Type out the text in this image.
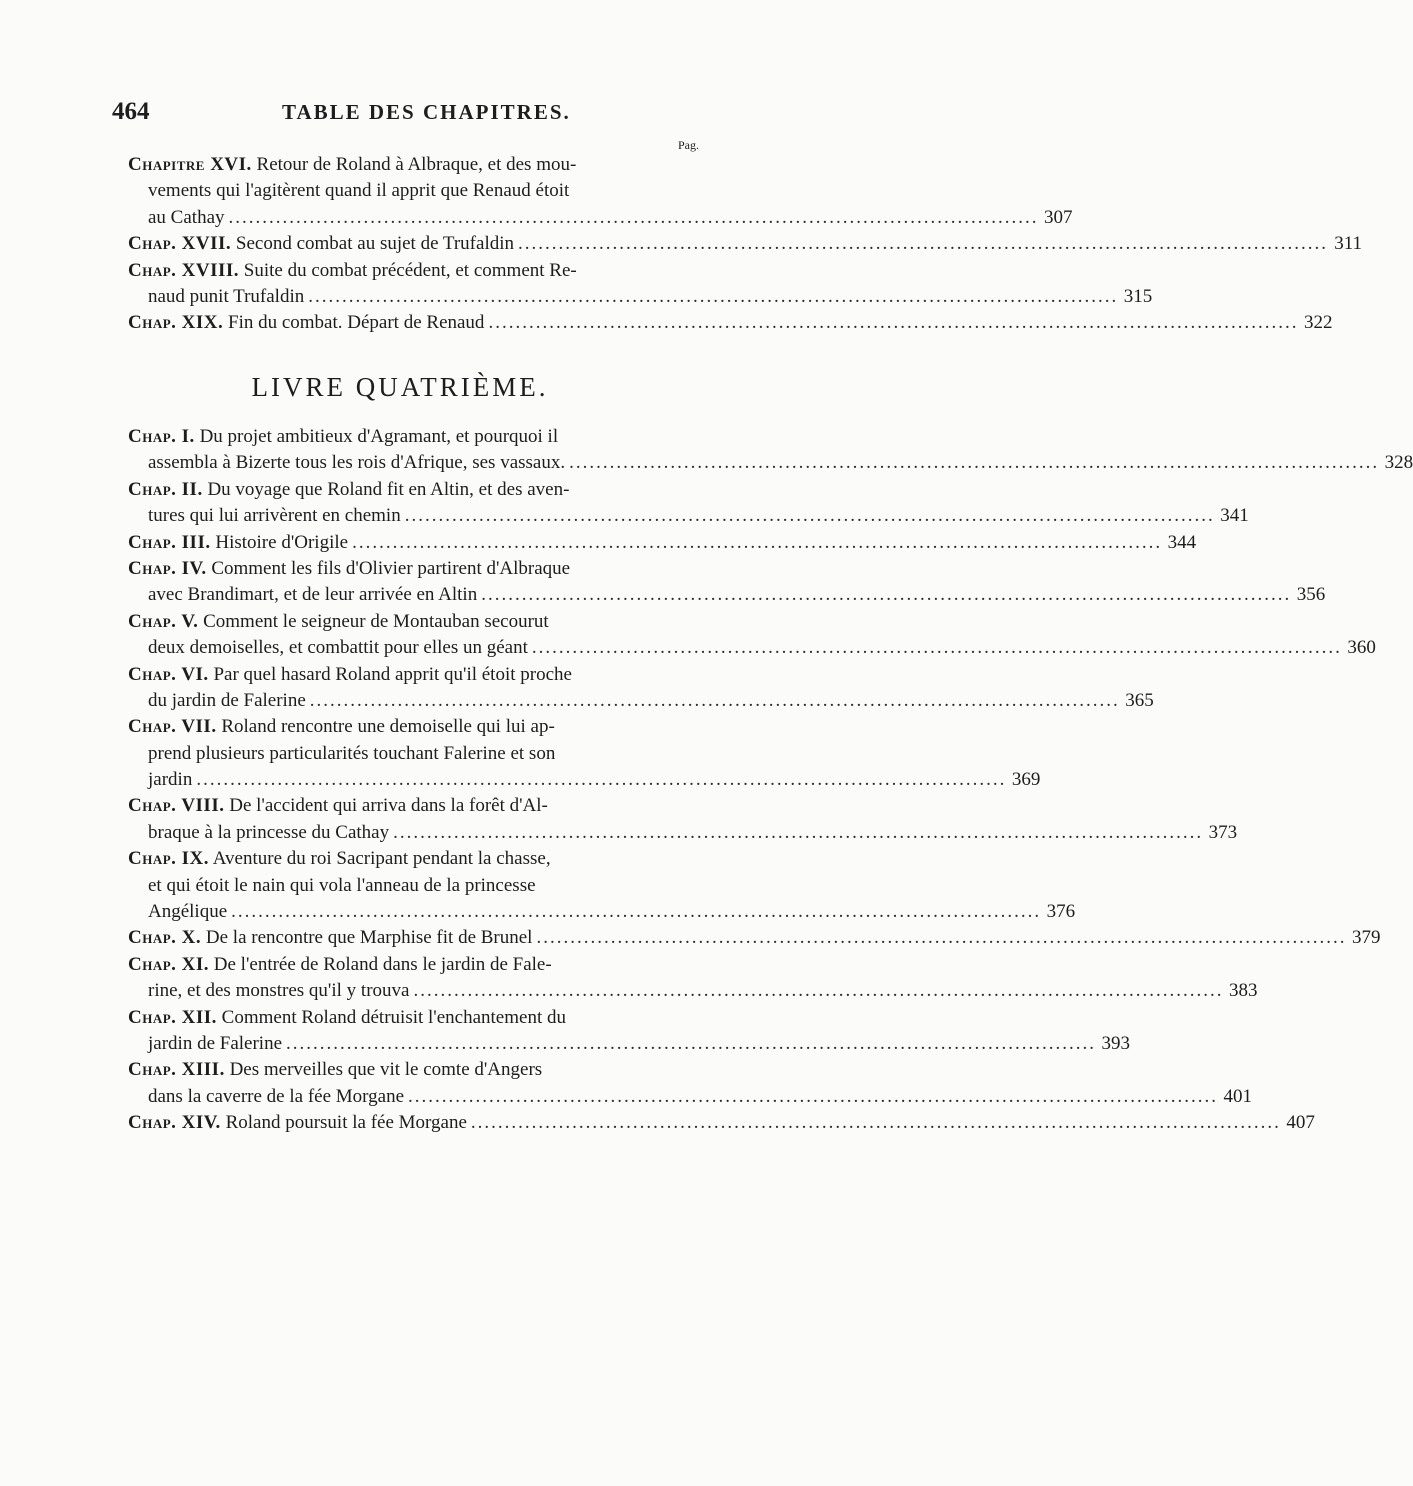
464	TABLE DES CHAPITRES.
Pag.
Chapitre XVI. Retour de Roland à Albraque, et des mou-
vements qui l'agitèrent quand il apprit que Renaud étoit
au Cathay ........................................................................................................................ 307
Chap. XVII. Second combat au sujet de Trufaldin ........................................................................................................................ 311
Chap. XVIII. Suite du combat précédent, et comment Re-
naud punit Trufaldin ........................................................................................................................ 315
Chap. XIX. Fin du combat. Départ de Renaud ........................................................................................................................ 322
LIVRE QUATRIÈME.
Chap. I. Du projet ambitieux d'Agramant, et pourquoi il
assembla à Bizerte tous les rois d'Afrique, ses vassaux. ........................................................................................................................ 328
Chap. II. Du voyage que Roland fit en Altin, et des aven-
tures qui lui arrivèrent en chemin ........................................................................................................................ 341
Chap. III. Histoire d'Origile ........................................................................................................................ 344
Chap. IV. Comment les fils d'Olivier partirent d'Albraque
avec Brandimart, et de leur arrivée en Altin ........................................................................................................................ 356
Chap. V. Comment le seigneur de Montauban secourut
deux demoiselles, et combattit pour elles un géant ........................................................................................................................ 360
Chap. VI. Par quel hasard Roland apprit qu'il étoit proche
du jardin de Falerine ........................................................................................................................ 365
Chap. VII. Roland rencontre une demoiselle qui lui ap-
prend plusieurs particularités touchant Falerine et son
jardin ........................................................................................................................ 369
Chap. VIII. De l'accident qui arriva dans la forêt d'Al-
braque à la princesse du Cathay ........................................................................................................................ 373
Chap. IX. Aventure du roi Sacripant pendant la chasse,
et qui étoit le nain qui vola l'anneau de la princesse
Angélique ........................................................................................................................ 376
Chap. X. De la rencontre que Marphise fit de Brunel ........................................................................................................................ 379
Chap. XI. De l'entrée de Roland dans le jardin de Fale-
rine, et des monstres qu'il y trouva ........................................................................................................................ 383
Chap. XII. Comment Roland détruisit l'enchantement du
jardin de Falerine ........................................................................................................................ 393
Chap. XIII. Des merveilles que vit le comte d'Angers
dans la caverre de la fée Morgane ........................................................................................................................ 401
Chap. XIV. Roland poursuit la fée Morgane ........................................................................................................................ 407
